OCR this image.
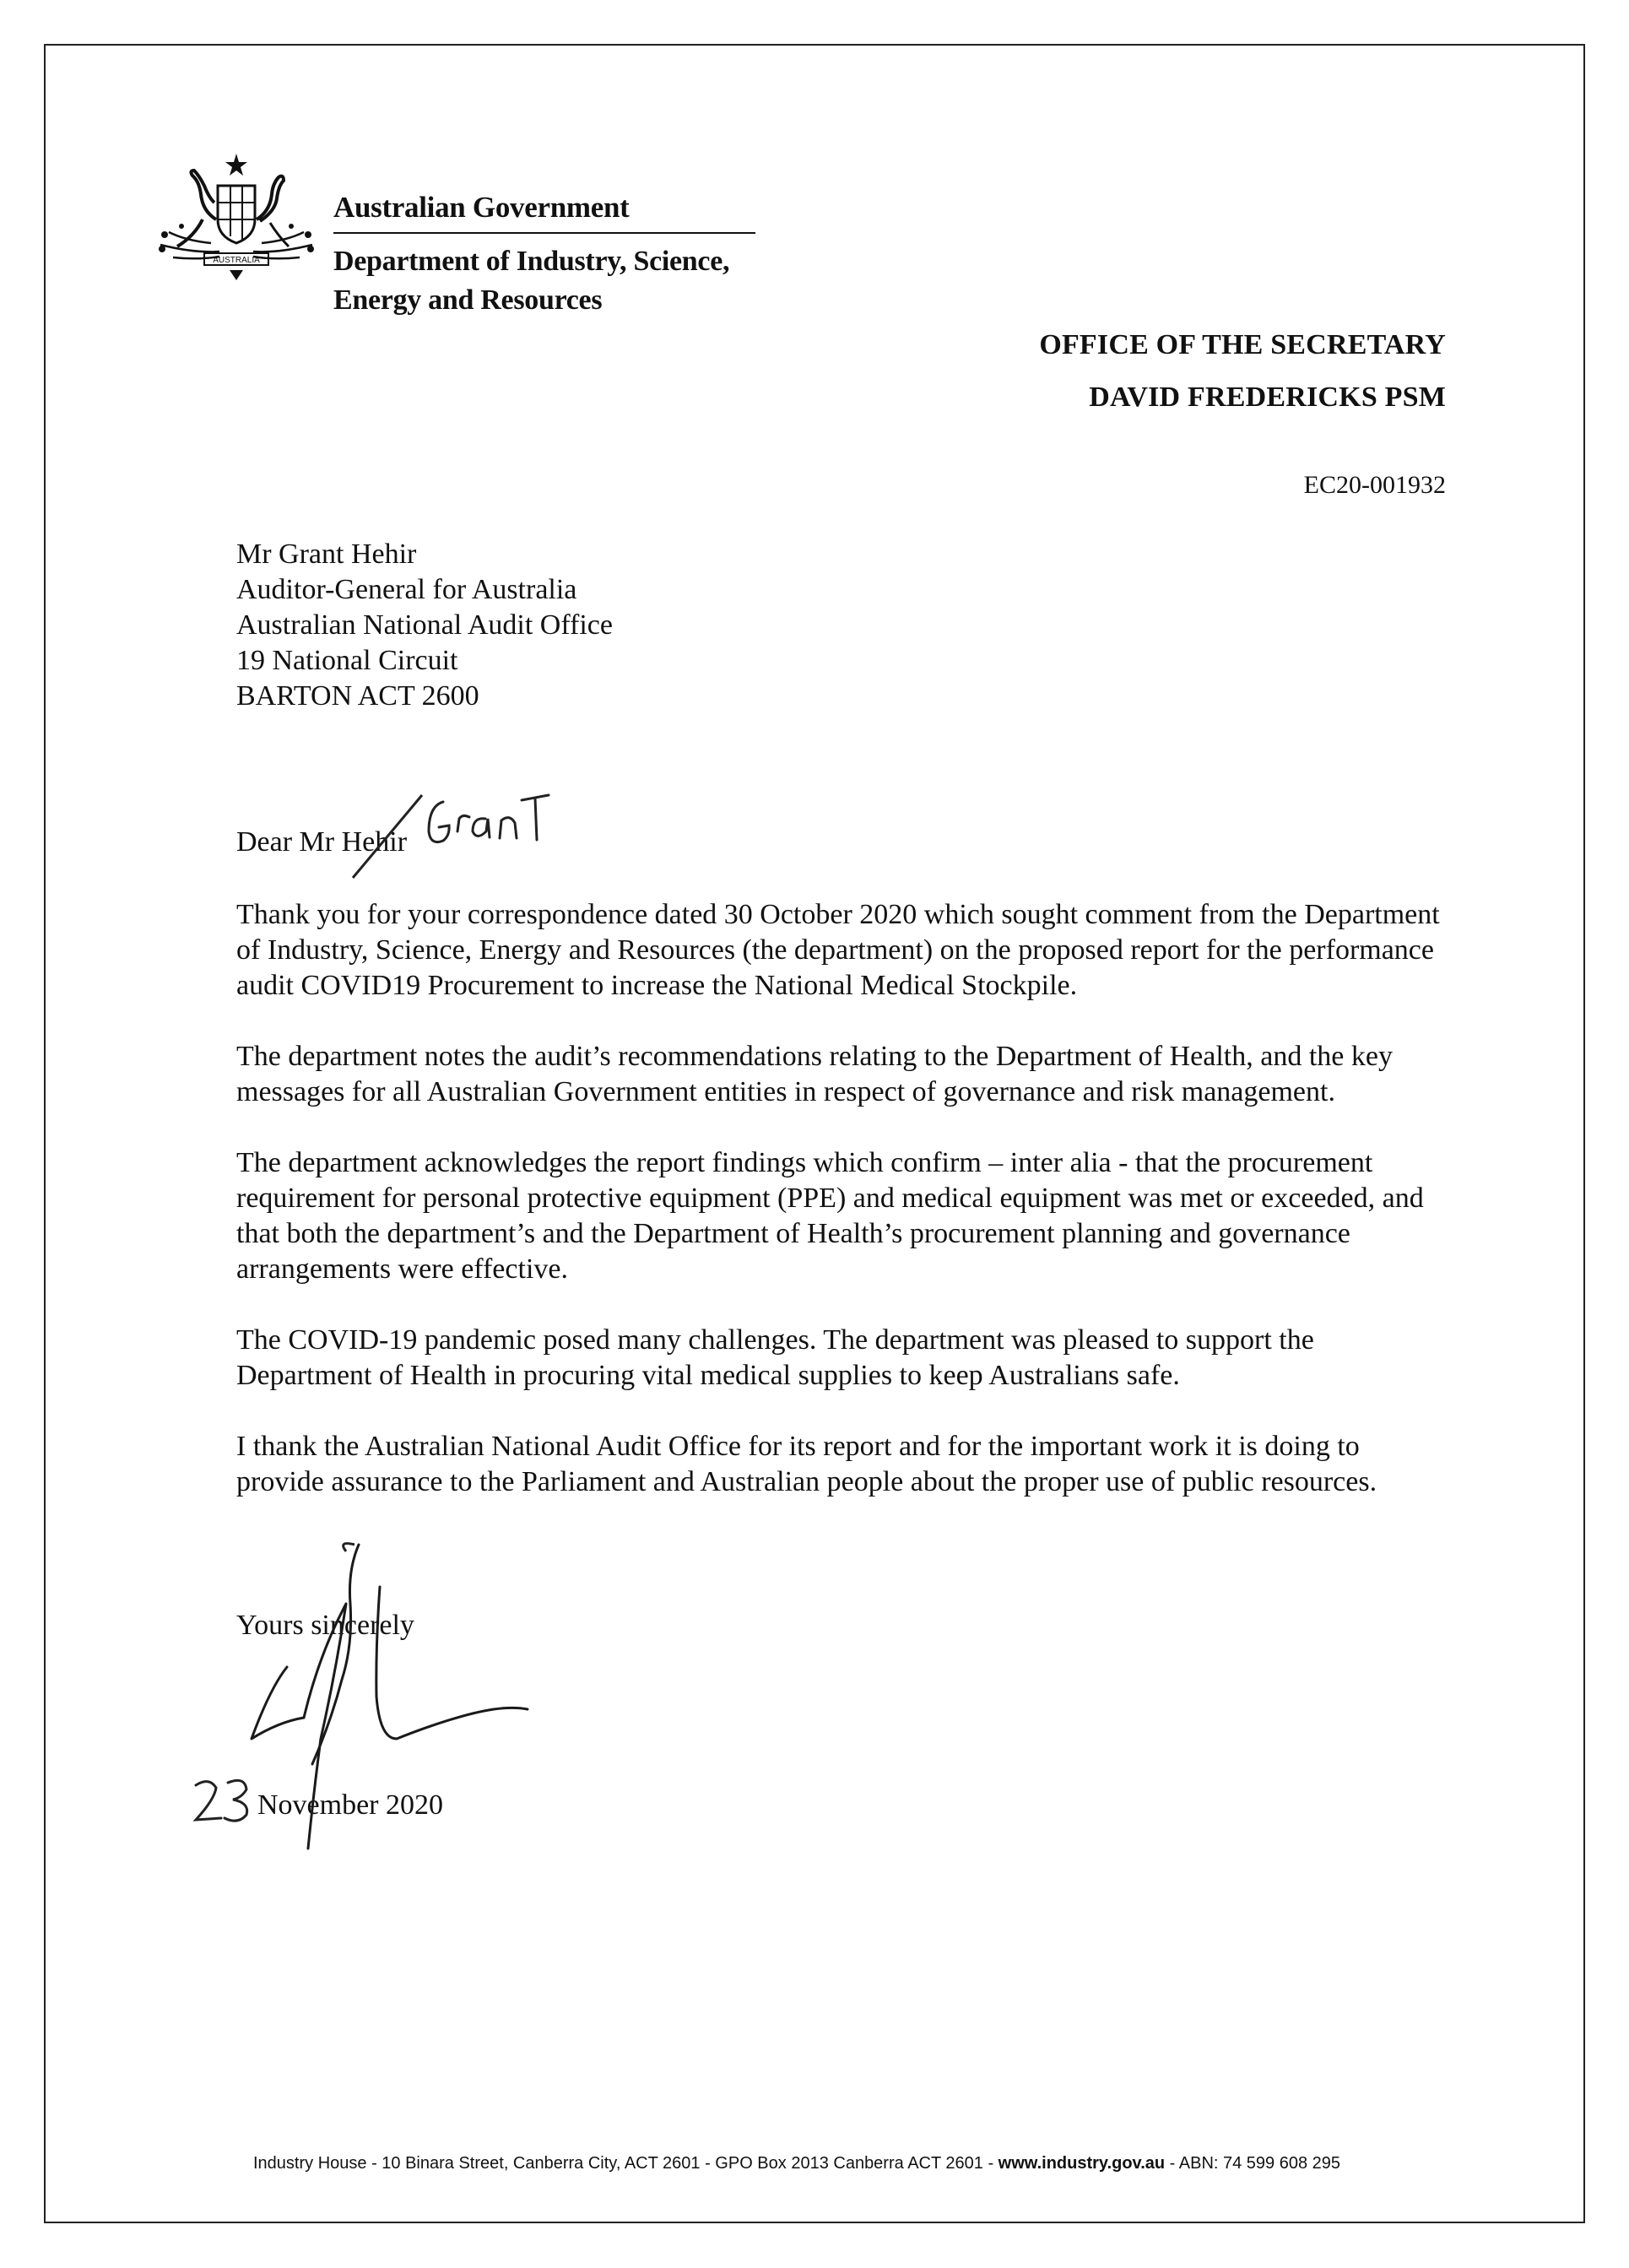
AUSTRALIA
Australian Government
Department of Industry, Science,
Energy and Resources
OFFICE OF THE SECRETARY
DAVID FREDERICKS PSM
EC20-001932
Mr Grant Hehir
Auditor-General for Australia
Australian National Audit Office
19 National Circuit
BARTON ACT 2600
Dear Mr Hehir

Thank you for your correspondence dated 30 October 2020 which sought comment from the Department of Industry, Science, Energy and Resources (the department) on the proposed report for the performance audit COVID19 Procurement to increase the National Medical Stockpile.

The department notes the audit’s recommendations relating to the Department of Health, and the key messages for all Australian Government entities in respect of governance and risk management.

The department acknowledges the report findings which confirm – inter alia - that the procurement requirement for personal protective equipment (PPE) and medical equipment was met or exceeded, and that both the department’s and the Department of Health’s procurement planning and governance arrangements were effective.

The COVID-19 pandemic posed many challenges. The department was pleased to support the Department of Health in procuring vital medical supplies to keep Australians safe.

I thank the Australian National Audit Office for its report and for the important work it is doing to provide assurance to the Parliament and Australian people about the proper use of public resources.

Yours sincerely
November 2020
Industry House - 10 Binara Street, Canberra City, ACT 2601 - GPO Box 2013 Canberra ACT 2601 - www.industry.gov.au - ABN: 74 599 608 295
